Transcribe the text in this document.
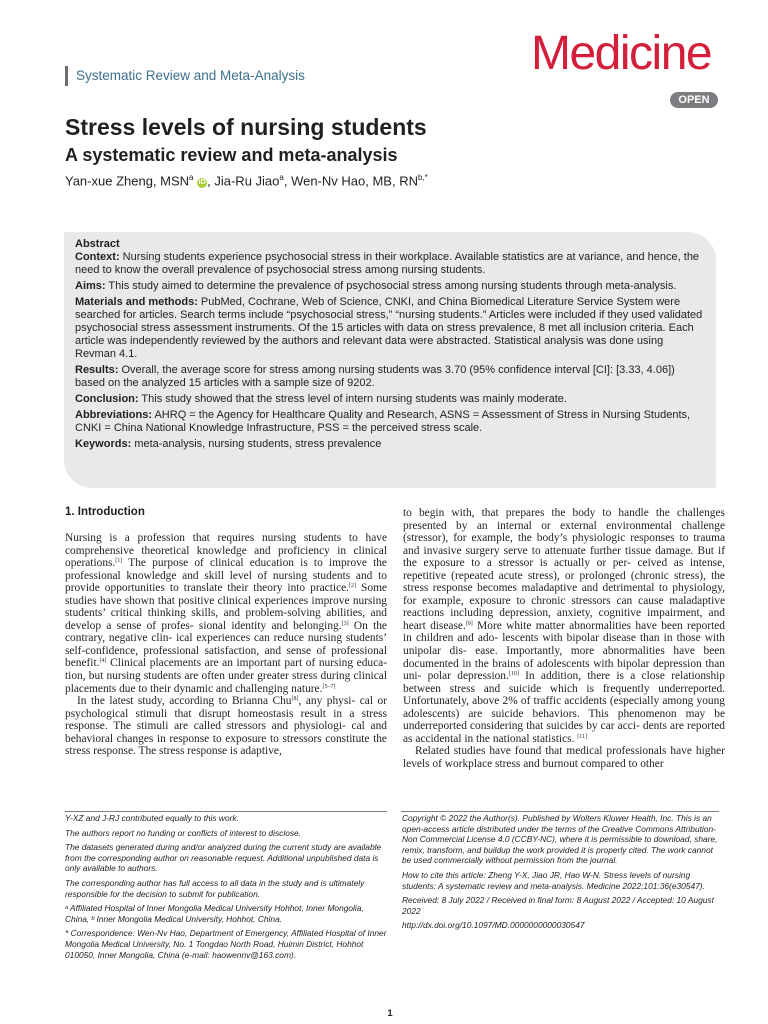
Systematic Review and Meta-Analysis	Medicine
OPEN
Stress levels of nursing students
A systematic review and meta-analysis
Yan-xue Zheng, MSN$^a$ iD , Jia-Ru Jiao$^a$, Wen-Nv Hao, MB, $RN^{b,*}$
Abstract

Context: Nursing students experience psychosocial stress in their workplace. Available statistics are at variance, and hence, the need to know the overall prevalence of psychosocial stress among nursing students.

Aims: This study aimed to determine the prevalence of psychosocial stress among nursing students through meta-analysis.

Materials and methods: PubMed, Cochrane, Web of Science, CNKI, and China Biomedical Literature Service System were searched for articles. Search terms include “psychosocial stress,” “nursing students.” Articles were included if they used validated psychosocial stress assessment instruments. Of the 15 articles with data on stress prevalence, 8 met all inclusion criteria. Each article was independently reviewed by the authors and relevant data were abstracted. Statistical analysis was done using Revman 4.1.

Results: Overall, the average score for stress among nursing students was 3.70 (95% confidence interval [CI]: [3.33, 4.06]) based on the analyzed 15 articles with a sample size of 9202.

Conclusion: This study showed that the stress level of intern nursing students was mainly moderate.

Abbreviations: AHRQ = the Agency for Healthcare Quality and Research, ASNS = Assessment of Stress in Nursing Students, CNKI = China National Knowledge Infrastructure, PSS = the perceived stress scale.

Keywords: meta-analysis, nursing students, stress prevalence

1. Introduction

Nursing is a profession that requires nursing students to have comprehensive theoretical knowledge and proficiency in clinical operations.[1] The purpose of clinical education is to improve the professional knowledge and skill level of nursing students and to provide opportunities to translate their theory into practice.[2] Some studies have shown that positive clinical experiences improve nursing students’ critical thinking skills, and problem-solving abilities, and develop a sense of profes- sional identity and belonging.[3] On the contrary, negative clin- ical experiences can reduce nursing students’ self-confidence, professional satisfaction, and sense of professional benefit.[4] Clinical placements are an important part of nursing educa- tion, but nursing students are often under greater stress during clinical placements due to their dynamic and challenging nature.[5–7]

In the latest study, according to Brianna Chu[8], any physi- cal or psychological stimuli that disrupt homeostasis result in a stress response. The stimuli are called stressors and physiologi- cal and behavioral changes in response to exposure to stressors constitute the stress response. The stress response is adaptive,

to begin with, that prepares the body to handle the challenges presented by an internal or external environmental challenge (stressor), for example, the body’s physiologic responses to trauma and invasive surgery serve to attenuate further tissue damage. But if the exposure to a stressor is actually or per- ceived as intense, repetitive (repeated acute stress), or prolonged (chronic stress), the stress response becomes maladaptive and detrimental to physiology, for example, exposure to chronic stressors can cause maladaptive reactions including depression, anxiety, cognitive impairment, and heart disease.[9] More white matter abnormalities have been reported in children and ado- lescents with bipolar disease than in those with unipolar dis- ease. Importantly, more abnormalities have been documented in the brains of adolescents with bipolar depression than uni- polar depression.[10] In addition, there is a close relationship between stress and suicide which is frequently underreported. Unfortunately, above 2% of traffic accidents (especially among young adolescents) are suicide behaviors. This phenomenon may be underreported considering that suicides by car acci- dents are reported as accidental in the national statistics. [11]

Related studies have found that medical professionals have higher levels of workplace stress and burnout compared to other

Y-XZ and J-RJ contributed equally to this work.

The authors report no funding or conflicts of interest to disclose.

The datasets generated during and/or analyzed during the current study are available from the corresponding author on reasonable request. Additional unpublished data is only available to authors.

The corresponding author has full access to all data in the study and is ultimately responsible for the decision to submit for publication.

ᵃ Affiliated Hospital of Inner Mongolia Medical University Hohhot, Inner Mongolia, China, ᵇ Inner Mongolia Medical University, Hohhot, China.

* Correspondence: Wen-Nv Hao, Department of Emergency, Affiliated Hospital of Inner Mongolia Medical University, No. 1 Tongdao North Road, Huimin District, Hohhot 010050, Inner Mongolia, China (e-mail: haowennv@163.com).

Copyright © 2022 the Author(s). Published by Wolters Kluwer Health, Inc. This is an open-access article distributed under the terms of the Creative Commons Attribution-Non Commercial License 4.0 (CCBY-NC), where it is permissible to download, share, remix, transform, and buildup the work provided it is properly cited. The work cannot be used commercially without permission from the journal.

How to cite this article: Zheng Y-X, Jiao JR, Hao W-N. Stress levels of nursing students: A systematic review and meta-analysis. Medicine 2022;101:36(e30547).

Received: 8 July 2022 / Received in final form: 8 August 2022 / Accepted: 10 August 2022

http://dx.doi.org/10.1097/MD.0000000000030547

1
